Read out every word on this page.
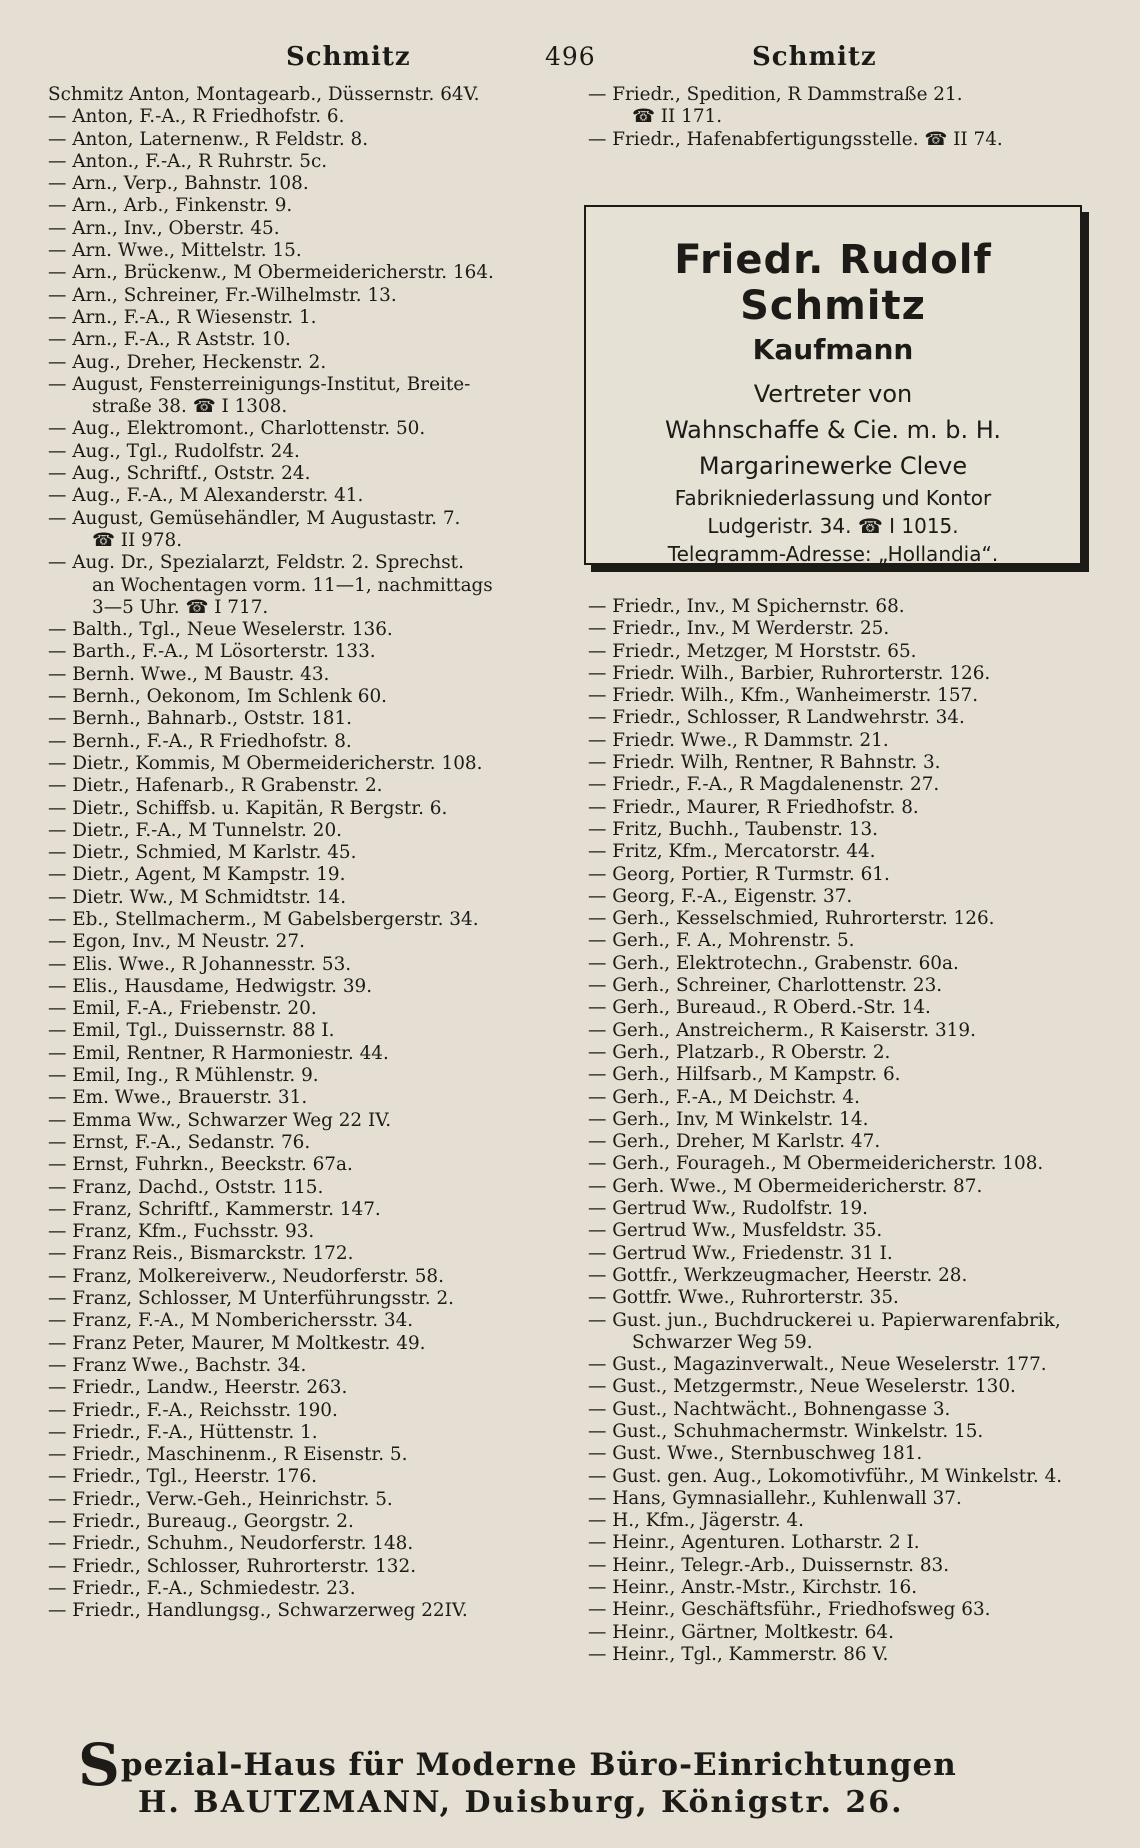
Schmitz	496	Schmitz
Schmitz Anton, Montagearb., Düssernstr. 64V.
— Anton, F.-A., R Friedhofstr. 6.
— Anton, Laternenw., R Feldstr. 8.
— Anton., F.-A., R Ruhrstr. 5c.
— Arn., Verp., Bahnstr. 108.
— Arn., Arb., Finkenstr. 9.
— Arn., Inv., Oberstr. 45.
— Arn. Wwe., Mittelstr. 15.
— Arn., Brückenw., M Obermeidericherstr. 164.
— Arn., Schreiner, Fr.-Wilhelmstr. 13.
— Arn., F.-A., R Wiesenstr. 1.
— Arn., F.-A., R Aststr. 10.
— Aug., Dreher, Heckenstr. 2.
— August, Fensterreinigungs-Institut, Breite-
straße 38. ☎ I 1308.
— Aug., Elektromont., Charlottenstr. 50.
— Aug., Tgl., Rudolfstr. 24.
— Aug., Schriftf., Oststr. 24.
— Aug., F.-A., M Alexanderstr. 41.
— August, Gemüsehändler, M Augustastr. 7.
☎ II 978.
— Aug. Dr., Spezialarzt, Feldstr. 2. Sprechst.
an Wochentagen vorm. 11—1, nachmittags
3—5 Uhr. ☎ I 717.
— Balth., Tgl., Neue Weselerstr. 136.
— Barth., F.-A., M Lösorterstr. 133.
— Bernh. Wwe., M Baustr. 43.
— Bernh., Oekonom, Im Schlenk 60.
— Bernh., Bahnarb., Oststr. 181.
— Bernh., F.-A., R Friedhofstr. 8.
— Dietr., Kommis, M Obermeidericherstr. 108.
— Dietr., Hafenarb., R Grabenstr. 2.
— Dietr., Schiffsb. u. Kapitän, R Bergstr. 6.
— Dietr., F.-A., M Tunnelstr. 20.
— Dietr., Schmied, M Karlstr. 45.
— Dietr., Agent, M Kampstr. 19.
— Dietr. Ww., M Schmidtstr. 14.
— Eb., Stellmacherm., M Gabelsbergerstr. 34.
— Egon, Inv., M Neustr. 27.
— Elis. Wwe., R Johannesstr. 53.
— Elis., Hausdame, Hedwigstr. 39.
— Emil, F.-A., Friebenstr. 20.
— Emil, Tgl., Duissernstr. 88 I.
— Emil, Rentner, R Harmoniestr. 44.
— Emil, Ing., R Mühlenstr. 9.
— Em. Wwe., Brauerstr. 31.
— Emma Ww., Schwarzer Weg 22 IV.
— Ernst, F.-A., Sedanstr. 76.
— Ernst, Fuhrkn., Beeckstr. 67a.
— Franz, Dachd., Oststr. 115.
— Franz, Schriftf., Kammerstr. 147.
— Franz, Kfm., Fuchsstr. 93.
— Franz Reis., Bismarckstr. 172.
— Franz, Molkereiverw., Neudorferstr. 58.
— Franz, Schlosser, M Unterführungsstr. 2.
— Franz, F.-A., M Nomberichersstr. 34.
— Franz Peter, Maurer, M Moltkestr. 49.
— Franz Wwe., Bachstr. 34.
— Friedr., Landw., Heerstr. 263.
— Friedr., F.-A., Reichsstr. 190.
— Friedr., F.-A., Hüttenstr. 1.
— Friedr., Maschinenm., R Eisenstr. 5.
— Friedr., Tgl., Heerstr. 176.
— Friedr., Verw.-Geh., Heinrichstr. 5.
— Friedr., Bureaug., Georgstr. 2.
— Friedr., Schuhm., Neudorferstr. 148.
— Friedr., Schlosser, Ruhrorterstr. 132.
— Friedr., F.-A., Schmiedestr. 23.
— Friedr., Handlungsg., Schwarzerweg 22IV.
— Friedr., Spedition, R Dammstraße 21.
☎ II 171.
— Friedr., Hafenabfertigungsstelle. ☎ II 74.
Friedr. Rudolf Schmitz
Kaufmann
Vertreter von
Wahnschaffe & Cie. m. b. H.
Margarinewerke Cleve
Fabrikniederlassung und Kontor
Ludgeristr. 34. ☎ I 1015.
Telegramm-Adresse: „Hollandia“.
— Friedr., Inv., M Spichernstr. 68.
— Friedr., Inv., M Werderstr. 25.
— Friedr., Metzger, M Horststr. 65.
— Friedr. Wilh., Barbier, Ruhrorterstr. 126.
— Friedr. Wilh., Kfm., Wanheimerstr. 157.
— Friedr., Schlosser, R Landwehrstr. 34.
— Friedr. Wwe., R Dammstr. 21.
— Friedr. Wilh, Rentner, R Bahnstr. 3.
— Friedr., F.-A., R Magdalenenstr. 27.
— Friedr., Maurer, R Friedhofstr. 8.
— Fritz, Buchh., Taubenstr. 13.
— Fritz, Kfm., Mercatorstr. 44.
— Georg, Portier, R Turmstr. 61.
— Georg, F.-A., Eigenstr. 37.
— Gerh., Kesselschmied, Ruhrorterstr. 126.
— Gerh., F. A., Mohrenstr. 5.
— Gerh., Elektrotechn., Grabenstr. 60a.
— Gerh., Schreiner, Charlottenstr. 23.
— Gerh., Bureaud., R Oberd.-Str. 14.
— Gerh., Anstreicherm., R Kaiserstr. 319.
— Gerh., Platzarb., R Oberstr. 2.
— Gerh., Hilfsarb., M Kampstr. 6.
— Gerh., F.-A., M Deichstr. 4.
— Gerh., Inv, M Winkelstr. 14.
— Gerh., Dreher, M Karlstr. 47.
— Gerh., Fourageh., M Obermeidericherstr. 108.
— Gerh. Wwe., M Obermeidericherstr. 87.
— Gertrud Ww., Rudolfstr. 19.
— Gertrud Ww., Musfeldstr. 35.
— Gertrud Ww., Friedenstr. 31 I.
— Gottfr., Werkzeugmacher, Heerstr. 28.
— Gottfr. Wwe., Ruhrorterstr. 35.
— Gust. jun., Buchdruckerei u. Papierwarenfabrik,
Schwarzer Weg 59.
— Gust., Magazinverwalt., Neue Weselerstr. 177.
— Gust., Metzgermstr., Neue Weselerstr. 130.
— Gust., Nachtwächt., Bohnengasse 3.
— Gust., Schuhmachermstr. Winkelstr. 15.
— Gust. Wwe., Sternbuschweg 181.
— Gust. gen. Aug., Lokomotivführ., M Winkelstr. 4.
— Hans, Gymnasiallehr., Kuhlenwall 37.
— H., Kfm., Jägerstr. 4.
— Heinr., Agenturen. Lotharstr. 2 I.
— Heinr., Telegr.-Arb., Duissernstr. 83.
— Heinr., Anstr.-Mstr., Kirchstr. 16.
— Heinr., Geschäftsführ., Friedhofsweg 63.
— Heinr., Gärtner, Moltkestr. 64.
— Heinr., Tgl., Kammerstr. 86 V.
Spezial-Haus für Moderne Büro-Einrichtungen
H. BAUTZMANN, Duisburg, Königstr. 26.
